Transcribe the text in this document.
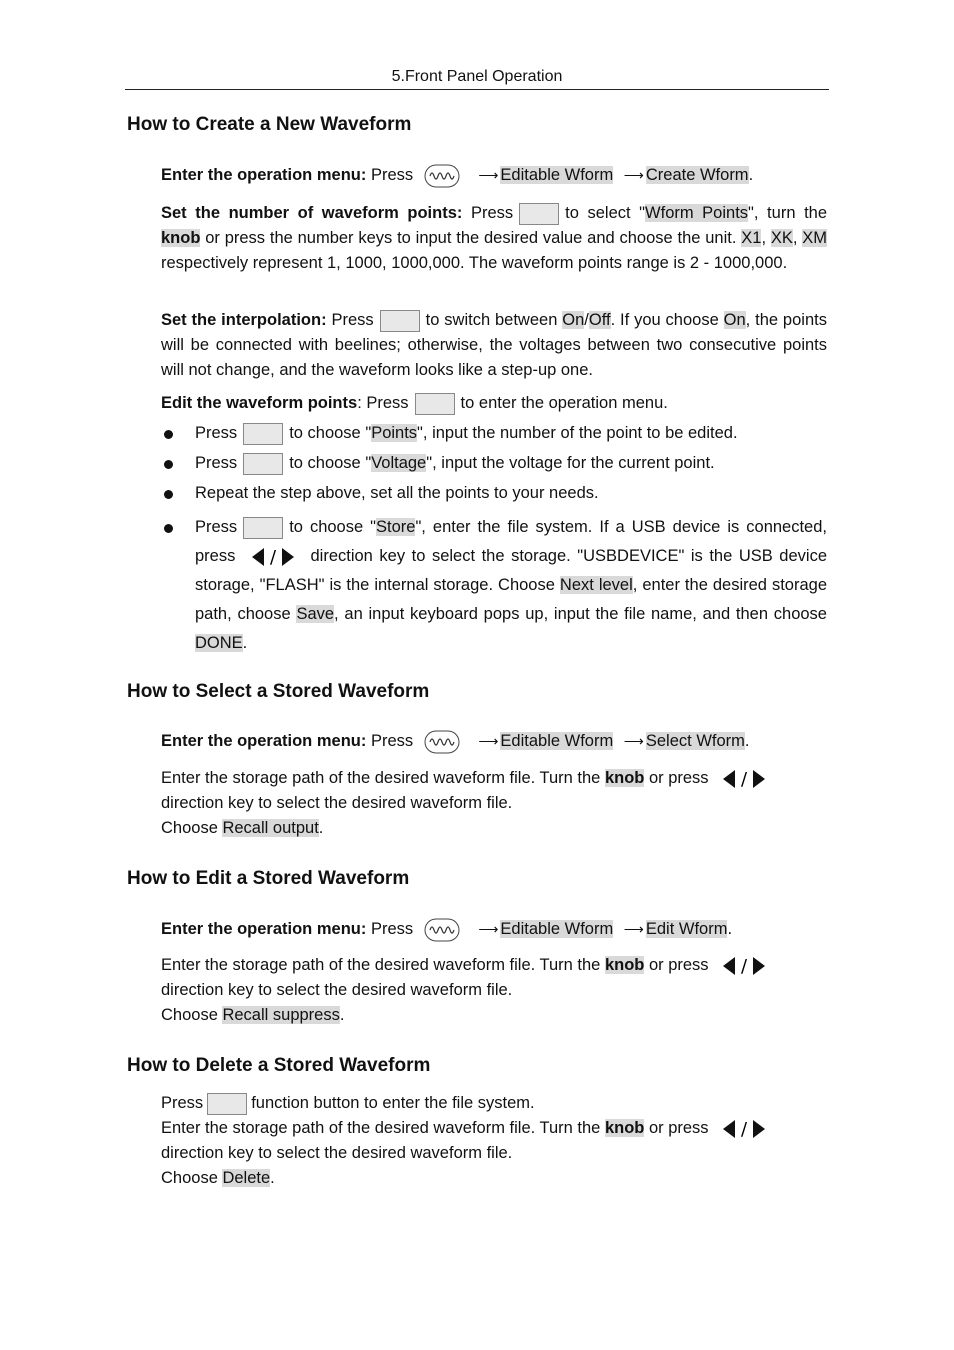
5.Front Panel Operation
How to Create a New Waveform
Enter the operation menu: Press	⟶ Editable Wform ⟶ Create Wform.
Set the number of waveform points: Press	to select "Wform Points", turn the knob or press the number keys to input the desired value and choose the unit. X1, XK, XM respectively represent 1, 1000, 1000,000. The waveform points range is 2 - 1000,000.
Set the interpolation: Press	to switch between On/Off. If you choose On, the points will be connected with beelines; otherwise, the voltages between two consecutive points will not change, and the waveform looks like a step-up one.
Edit the waveform points: Press	to enter the operation menu.
Press	to choose "Points", input the number of the point to be edited.
Press	to choose "Voltage", input the voltage for the current point.
Repeat the step above, set all the points to your needs.
Press	to choose "Store", enter the file system. If a USB device is connected, press / direction key to select the storage. "USBDEVICE" is the USB device storage, "FLASH" is the internal storage. Choose Next level, enter the desired storage path, choose Save, an input keyboard pops up, input the file name, and then choose DONE.
How to Select a Stored Waveform
Enter the operation menu: Press	⟶ Editable Wform ⟶ Select Wform.
Enter the storage path of the desired waveform file. Turn the knob or press /

direction key to select the desired waveform file.
Choose Recall output.
How to Edit a Stored Waveform
Enter the operation menu: Press	⟶ Editable Wform ⟶ Edit Wform.
Enter the storage path of the desired waveform file. Turn the knob or press /

direction key to select the desired waveform file.
Choose Recall suppress.
How to Delete a Stored Waveform
Press	function button to enter the file system.
Enter the storage path of the desired waveform file. Turn the knob or press /

direction key to select the desired waveform file.
Choose Delete.
